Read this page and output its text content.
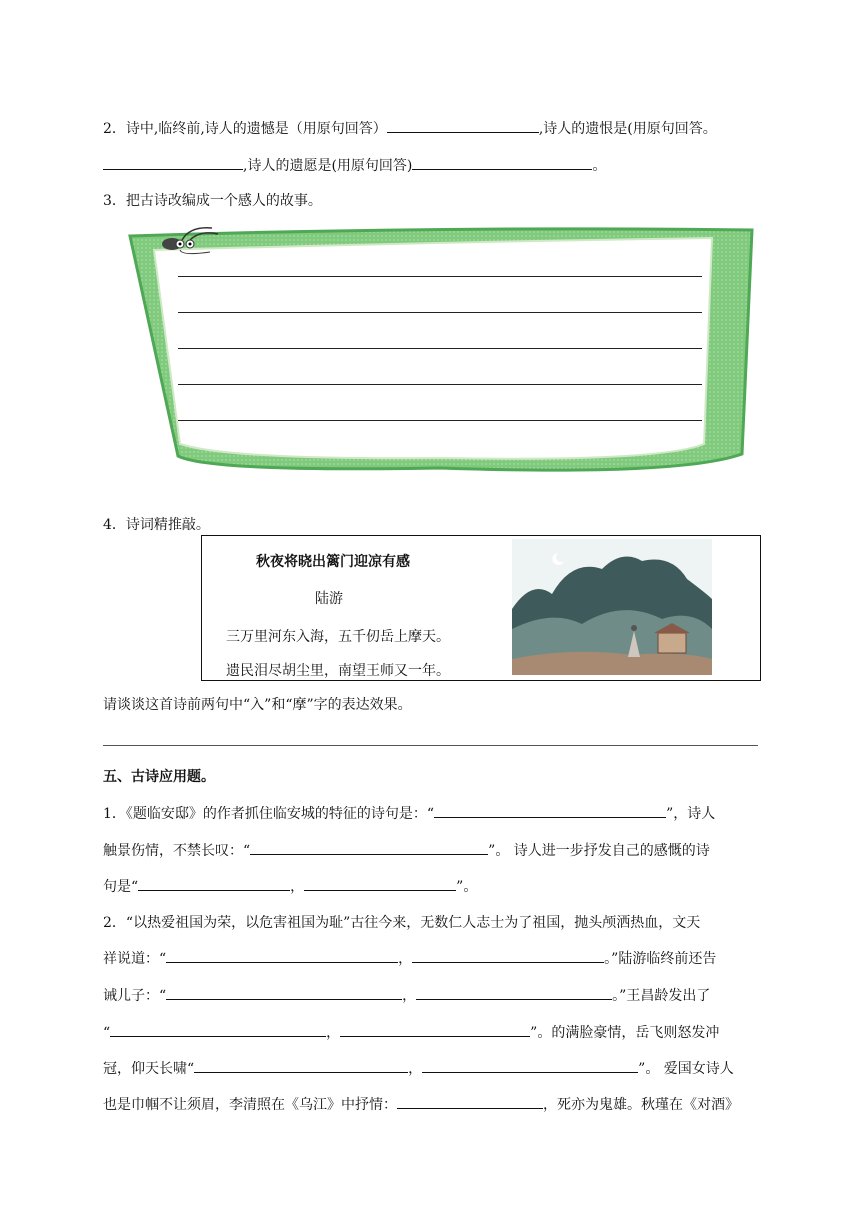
2．诗中,临终前,诗人的遗憾是（用原句回答）	,诗人的遗恨是(用原句回答。
,诗人的遗愿是(用原句回答)	。
3．把古诗改编成一个感人的故事。
4．诗词精推敲。
秋夜将晓出篱门迎凉有感
陆游
三万里河东入海，五千仞岳上摩天。
遗民泪尽胡尘里，南望王师又一年。
请谈谈这首诗前两句中“入”和“摩”字的表达效果。
五、古诗应用题。
1．《题临安邸》的作者抓住临安城的特征的诗句是：“	”，诗人
触景伤情，不禁长叹：“	”。 诗人进一步抒发自己的感慨的诗
句是“	，	”。
2．“以热爱祖国为荣，以危害祖国为耻”古往今来，无数仁人志士为了祖国，抛头颅洒热血，文天
祥说道：“	，	。”陆游临终前还告
诫儿子：“	，	。”王昌龄发出了
“	，	”。的满脸豪情，岳飞则怒发冲
冠，仰天长啸“	，	”。 爱国女诗人
也是巾帼不让须眉，李清照在《乌江》中抒情：	，死亦为鬼雄。秋瑾在《对酒》
